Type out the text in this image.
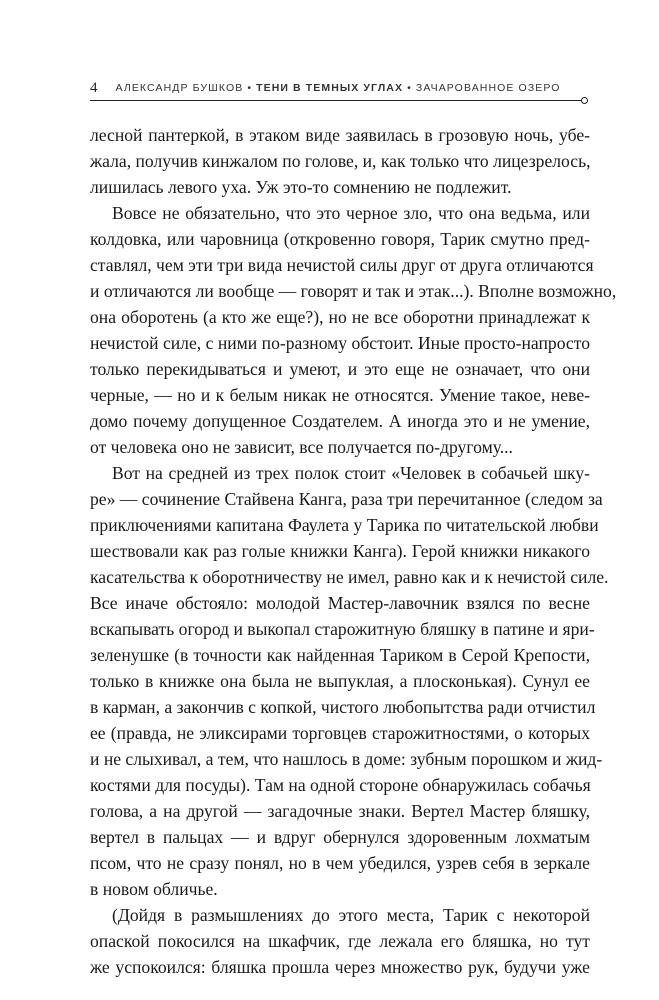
4 АЛЕКСАНДР БУШКОВ • ТЕНИ В ТЕМНЫХ УГЛАХ • ЗАЧАРОВАННОЕ ОЗЕРО
лесной пантеркой, в этаком виде заявилась в грозовую ночь, убе-
жала, получив кинжалом по голове, и, как только что лицезрелось,
лишилась левого уха. Уж это-то сомнению не подлежит.
Вовсе не обязательно, что это черное зло, что она ведьма, или
колдовка, или чаровница (откровенно говоря, Тарик смутно пред-
ставлял, чем эти три вида нечистой силы друг от друга отличаются
и отличаются ли вообще — говорят и так и этак...). Вполне возможно,
она оборотень (а кто же еще?), но не все оборотни принадлежат к
нечистой силе, с ними по-разному обстоит. Иные просто-напросто
только перекидываться и умеют, и это еще не означает, что они
черные, — но и к белым никак не относятся. Умение такое, неве-
домо почему допущенное Создателем. А иногда это и не умение,
от человека оно не зависит, все получается по-другому...
Вот на средней из трех полок стоит «Человек в собачьей шку-
ре» — сочинение Стайвена Канга, раза три перечитанное (следом за
приключениями капитана Фаулета у Тарика по читательской любви
шествовали как раз голые книжки Канга). Герой книжки никакого
касательства к оборотничеству не имел, равно как и к нечистой силе.
Все иначе обстояло: молодой Мастер-лавочник взялся по весне
вскапывать огород и выкопал старожитную бляшку в патине и яри-
зеленушке (в точности как найденная Тариком в Серой Крепости,
только в книжке она была не выпуклая, а плосконькая). Сунул ее
в карман, а закончив с копкой, чистого любопытства ради отчистил
ее (правда, не эликсирами торговцев старожитностями, о которых
и не слыхивал, а тем, что нашлось в доме: зубным порошком и жид-
костями для посуды). Там на одной стороне обнаружилась собачья
голова, а на другой — загадочные знаки. Вертел Мастер бляшку,
вертел в пальцах — и вдруг обернулся здоровенным лохматым
псом, что не сразу понял, но в чем убедился, узрев себя в зеркале
в новом обличье.
(Дойдя в размышлениях до этого места, Тарик с некоторой
опаской покосился на шкафчик, где лежала его бляшка, но тут
же успокоился: бляшка прошла через множество рук, будучи уже
